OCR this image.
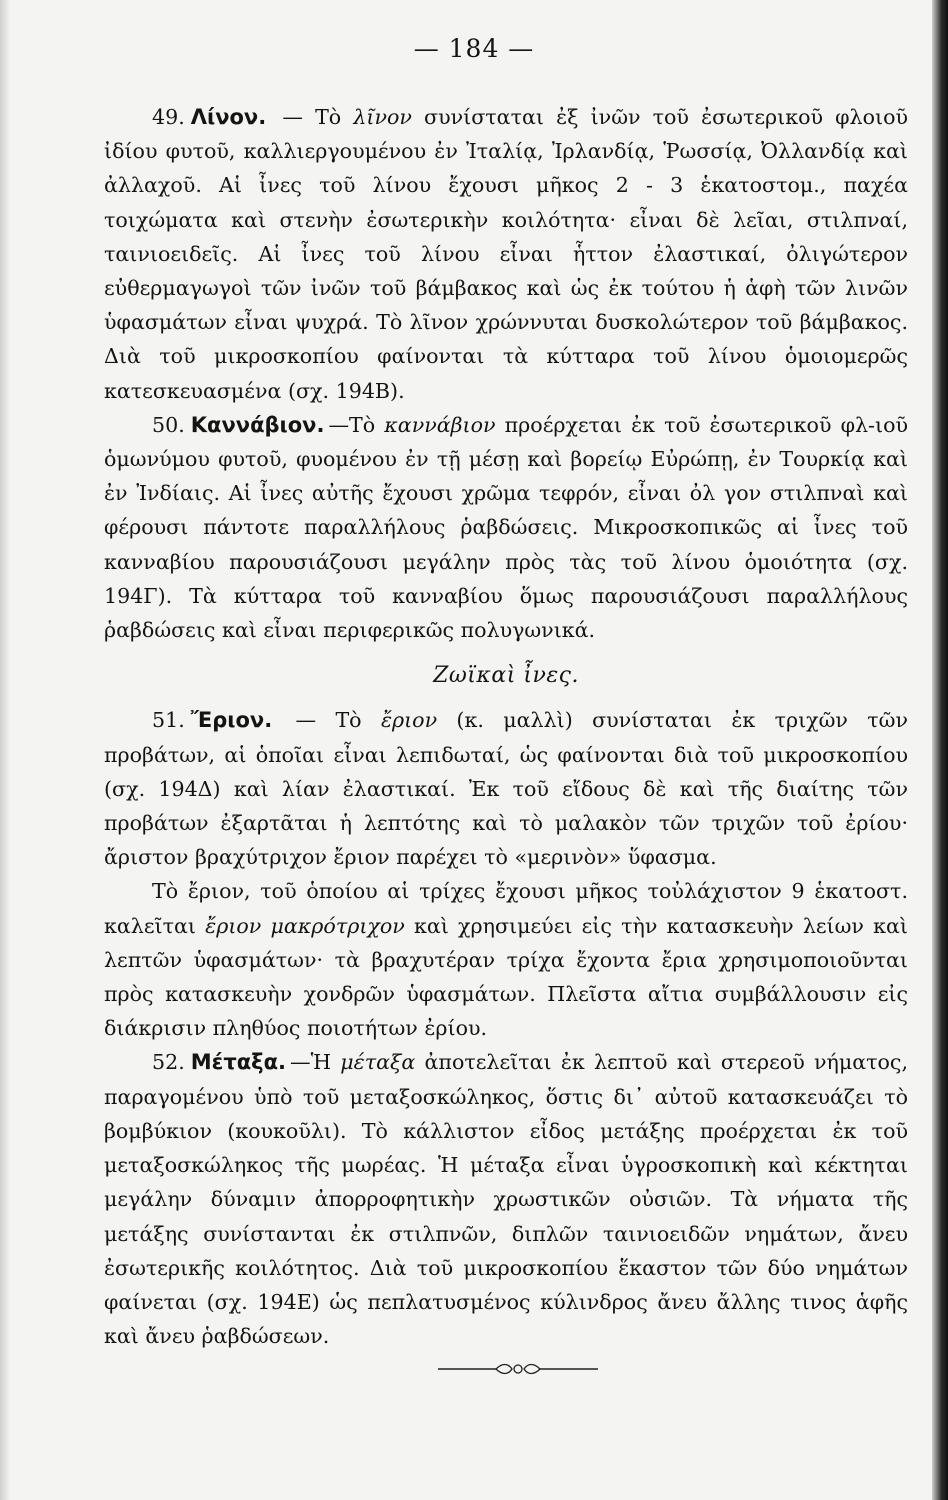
— 184 —

49. Λίνον. — Τὸ λῖνον συνίσταται ἐξ ἰνῶν τοῦ ἐσωτερικοῦ φλοιοῦ ἰδίου φυτοῦ, καλλιεργουμένου ἐν Ἰταλίᾳ, Ἰρλανδίᾳ, Ῥωσσίᾳ, Ὀλλανδίᾳ καὶ ἀλλαχοῦ. Αἱ ἶνες τοῦ λίνου ἔχουσι μῆκος 2 - 3 ἑκατοστομ., παχέα τοιχώματα καὶ στενὴν ἐσωτερικὴν κοιλότητα· εἶναι δὲ λεῖαι, στιλπναί, ταινιοειδεῖς. Αἱ ἶνες τοῦ λίνου εἶναι ἧττον ἐλαστικαί, ὀλιγώτερον εὐθερμαγωγοὶ τῶν ἰνῶν τοῦ βάμβακος καὶ ὡς ἐκ τούτου ἡ ἁφὴ τῶν λινῶν ὑφασμάτων εἶναι ψυχρά. Τὸ λῖνον χρώννυται δυσκολώτερον τοῦ βάμβακος. Διὰ τοῦ μικροσκοπίου φαίνονται τὰ κύτταρα τοῦ λίνου ὁμοιομερῶς κατεσκευασμένα (σχ. 194Β).

50. Καννάβιον. —Τὸ καννάβιον προέρχεται ἐκ τοῦ ἐσωτερικοῦ φλ-ιοῦ ὁμωνύμου φυτοῦ, φυομένου ἐν τῇ μέσῃ καὶ βορείῳ Εὐρώπῃ, ἐν Τουρκίᾳ καὶ ἐν Ἰνδίαις. Αἱ ἶνες αὐτῆς ἔχουσι χρῶμα τεφρόν, εἶναι ὀλ γον στιλπναὶ καὶ φέρουσι πάντοτε παραλλήλους ῥαβδώσεις. Μικροσκοπικῶς αἱ ἶνες τοῦ κανναβίου παρουσιάζουσι μεγάλην πρὸς τὰς τοῦ λίνου ὁμοιότητα (σχ. 194Γ). Τὰ κύτταρα τοῦ κανναβίου ὅμως παρουσιάζουσι παραλλήλους ῥαβδώσεις καὶ εἶναι περιφερικῶς πολυγωνικά.

Ζωϊκαὶ ἶνες.

51. Ἔριον. — Τὸ ἔριον (κ. μαλλὶ) συνίσταται ἐκ τριχῶν τῶν προβάτων, αἱ ὁποῖαι εἶναι λεπιδωταί, ὡς φαίνονται διὰ τοῦ μικροσκοπίου (σχ. 194Δ) καὶ λίαν ἐλαστικαί. Ἐκ τοῦ εἴδους δὲ καὶ τῆς διαίτης τῶν προβάτων ἐξαρτᾶται ἡ λεπτότης καὶ τὸ μαλακὸν τῶν τριχῶν τοῦ ἐρίου· ἄριστον βραχύτριχον ἔριον παρέχει τὸ «μερινὸν» ὕφασμα.

Τὸ ἔριον, τοῦ ὁποίου αἱ τρίχες ἔχουσι μῆκος τοὐλάχιστον 9 ἑκατοστ. καλεῖται ἔριον μακρότριχον καὶ χρησιμεύει εἰς τὴν κατασκευὴν λείων καὶ λεπτῶν ὑφασμάτων· τὰ βραχυτέραν τρίχα ἔχοντα ἔρια χρησιμοποιοῦνται πρὸς κατασκευὴν χονδρῶν ὑφασμάτων. Πλεῖστα αἴτια συμβάλλουσιν εἰς διάκρισιν πληθύος ποιοτήτων ἐρίου.

52. Μέταξα. —Ἡ μέταξα ἀποτελεῖται ἐκ λεπτοῦ καὶ στερεοῦ νήματος, παραγομένου ὑπὸ τοῦ μεταξοσκώληκος, ὅστις δι᾽ αὐτοῦ κατασκευάζει τὸ βομβύκιον (κουκοῦλι). Τὸ κάλλιστον εἶδος μετάξης προέρχεται ἐκ τοῦ μεταξοσκώληκος τῆς μωρέας. Ἡ μέταξα εἶναι ὑγροσκοπικὴ καὶ κέκτηται μεγάλην δύναμιν ἀπορροφητικὴν χρωστικῶν οὐσιῶν. Τὰ νήματα τῆς μετάξης συνίστανται ἐκ στιλπνῶν, διπλῶν ταινιοειδῶν νημάτων, ἄνευ ἐσωτερικῆς κοιλότητος. Διὰ τοῦ μικροσκοπίου ἕκαστον τῶν δύο νημάτων φαίνεται (σχ. 194Ε) ὡς πεπλατυσμένος κύλινδρος ἄνευ ἄλλης τινος ἁφῆς καὶ ἄνευ ῥαβδώσεων.
